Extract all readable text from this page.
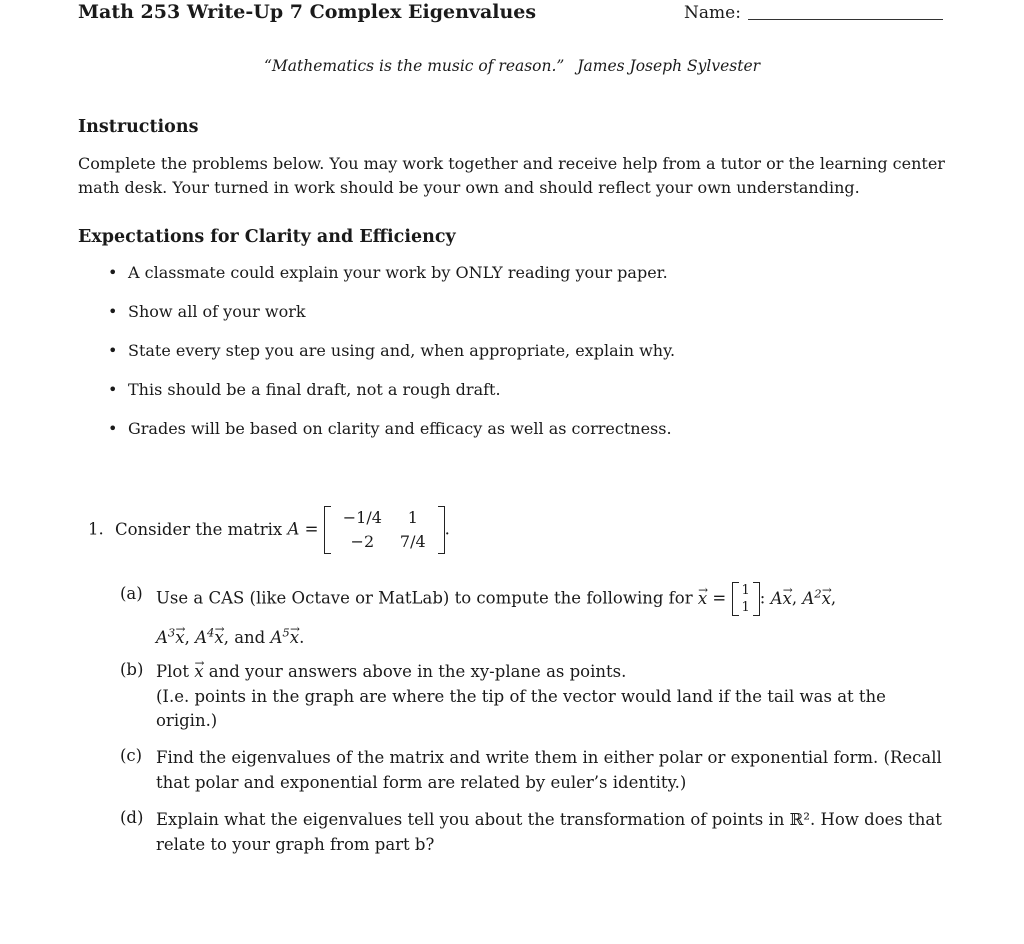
Math 253 Write-Up 7 Complex Eigenvalues	Name:
“Mathematics is the music of reason.” James Joseph Sylvester
Instructions
Complete the problems below. You may work together and receive help from a tutor or the learning center math desk. Your turned in work should be your own and should reflect your own understanding.
Expectations for Clarity and Efficiency
• A classmate could explain your work by ONLY reading your paper.
• Show all of your work
• State every step you are using and, when appropriate, explain why.
• This should be a final draft, not a rough draft.
• Grades will be based on clarity and efficacy as well as correctness.
1. Consider the matrix A =
−1/4	1
−2	7/4
.
(a) Use a CAS (like Octave or MatLab) to compute the following for → x = 1
1 : A→ x, $A^2\to x$,
$A^3\to x$, $A^4\to x$, and $A^5\to x$.
(b) Plot → x and your answers above in the xy-plane as points.
(I.e. points in the graph are where the tip of the vector would land if the tail was at the origin.)
(c) Find the eigenvalues of the matrix and write them in either polar or exponential form. (Recall that polar and exponential form are related by euler’s identity.)
(d) Explain what the eigenvalues tell you about the transformation of points in ℝ². How does that relate to your graph from part b?
